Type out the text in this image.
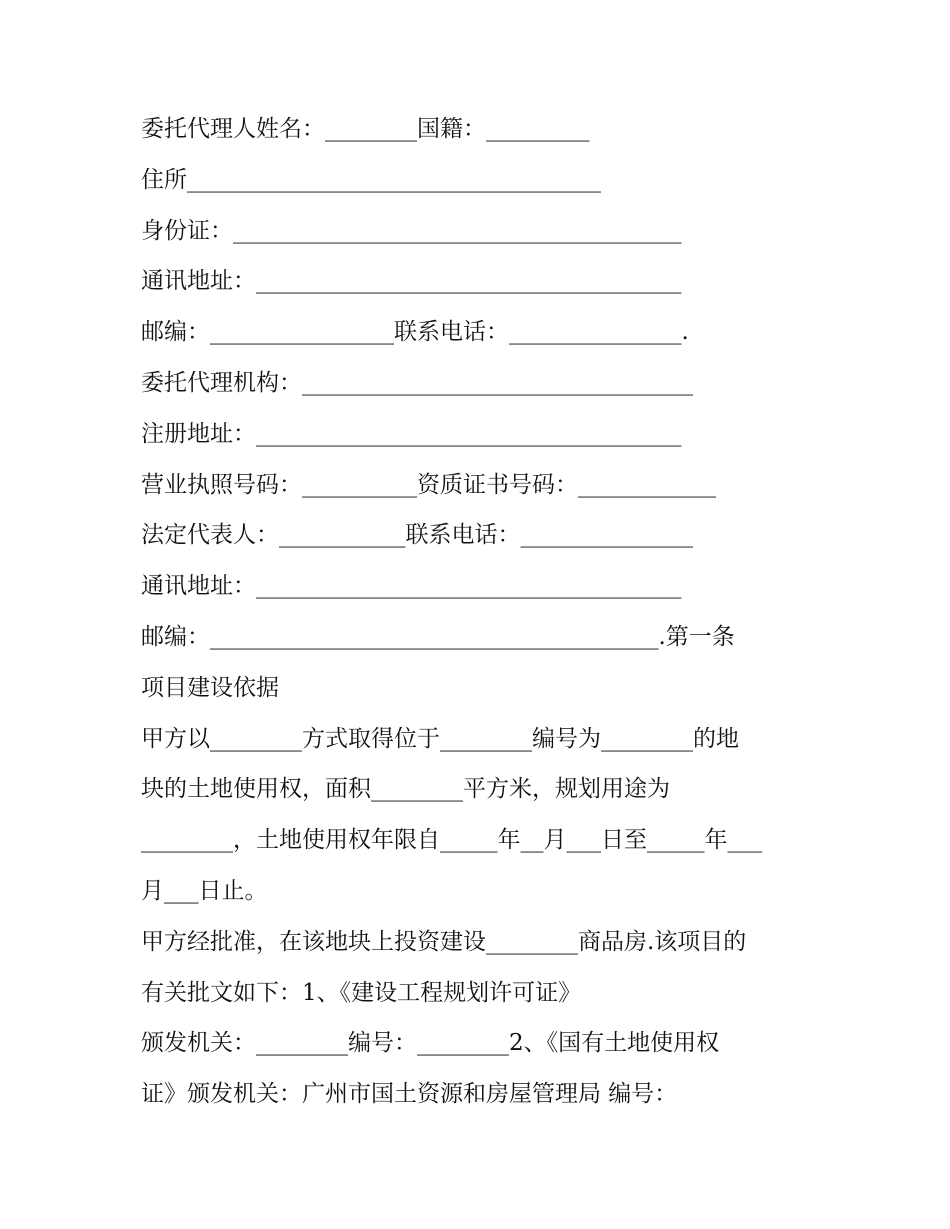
委托代理人姓名：________国籍：_________

住所____________________________________

身份证：_______________________________________

通讯地址：_____________________________________

邮编：________________联系电话：_______________.

委托代理机构：__________________________________

注册地址：_____________________________________

营业执照号码：__________资质证书号码：____________

法定代表人：___________联系电话：_______________

通讯地址：_____________________________________

邮编：_______________________________________.第一条

项目建设依据

甲方以________方式取得位于________编号为________的地

块的土地使用权，面积________平方米，规划用途为

________，土地使用权年限自_____年__月___日至_____年___

月___日止。

甲方经批准，在该地块上投资建设________商品房.该项目的

有关批文如下：1、《建设工程规划许可证》

颁发机关：________编号：________2、《国有土地使用权

证》颁发机关：广州市国土资源和房屋管理局 编号：
